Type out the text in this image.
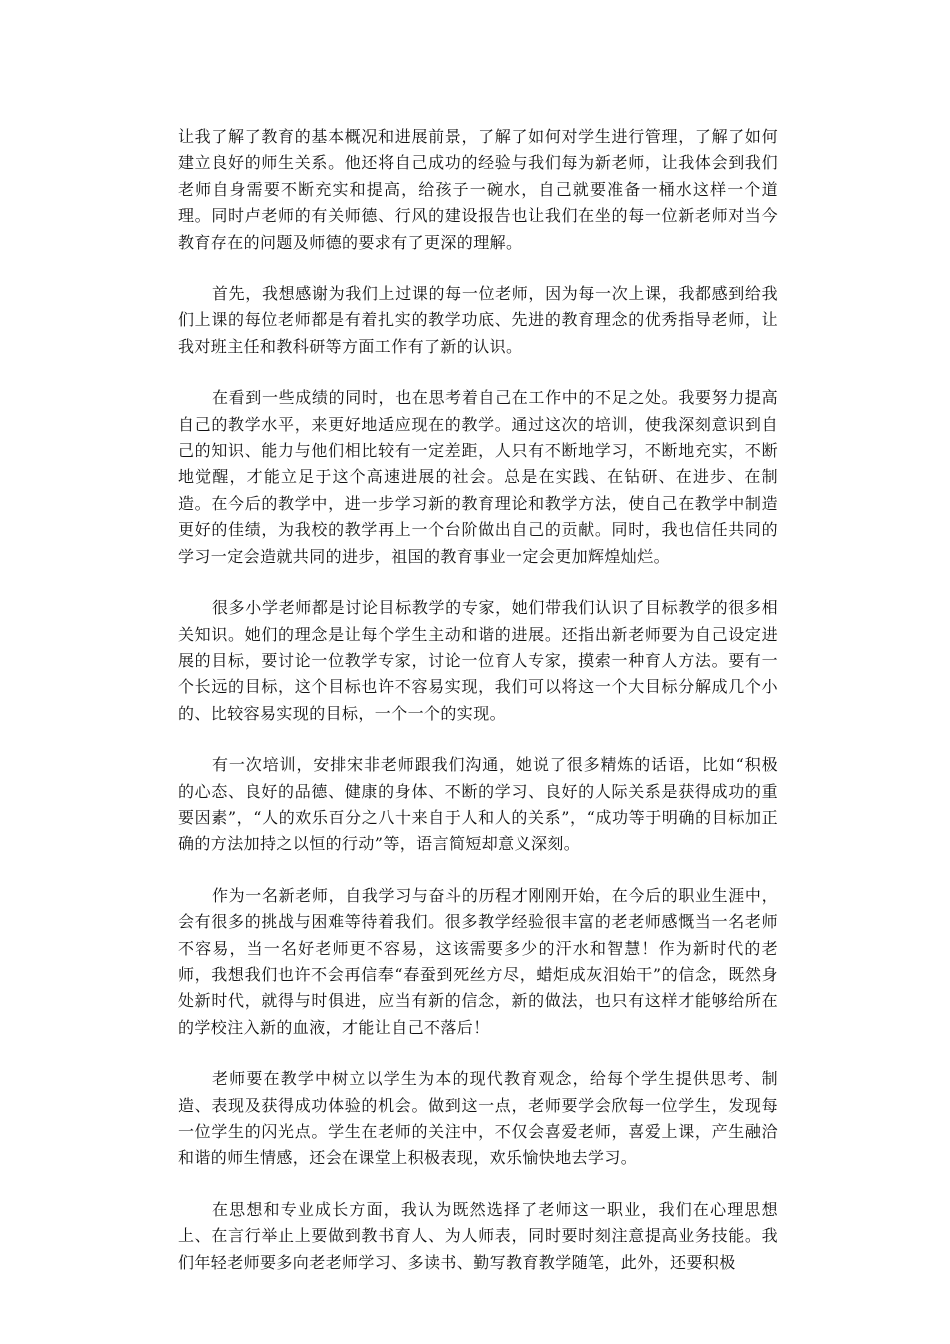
让我了解了教育的基本概况和进展前景，了解了如何对学生进行管理，了解了如何建立良好的师生关系。他还将自己成功的经验与我们每为新老师，让我体会到我们老师自身需要不断充实和提高，给孩子一碗水，自己就要准备一桶水这样一个道理。同时卢老师的有关师德、行风的建设报告也让我们在坐的每一位新老师对当今教育存在的问题及师德的要求有了更深的理解。

首先，我想感谢为我们上过课的每一位老师，因为每一次上课，我都感到给我们上课的每位老师都是有着扎实的教学功底、先进的教育理念的优秀指导老师，让我对班主任和教科研等方面工作有了新的认识。

在看到一些成绩的同时，也在思考着自己在工作中的不足之处。我要努力提高自己的教学水平，来更好地适应现在的教学。通过这次的培训，使我深刻意识到自己的知识、能力与他们相比较有一定差距，人只有不断地学习，不断地充实，不断地觉醒，才能立足于这个高速进展的社会。总是在实践、在钻研、在进步、在制造。在今后的教学中，进一步学习新的教育理论和教学方法，使自己在教学中制造更好的佳绩，为我校的教学再上一个台阶做出自己的贡献。同时，我也信任共同的学习一定会造就共同的进步，祖国的教育事业一定会更加辉煌灿烂。

很多小学老师都是讨论目标教学的专家，她们带我们认识了目标教学的很多相关知识。她们的理念是让每个学生主动和谐的进展。还指出新老师要为自己设定进展的目标，要讨论一位教学专家，讨论一位育人专家，摸索一种育人方法。要有一个长远的目标，这个目标也许不容易实现，我们可以将这一个大目标分解成几个小的、比较容易实现的目标，一个一个的实现。

有一次培训，安排宋非老师跟我们沟通，她说了很多精炼的话语，比如“积极的心态、良好的品德、健康的身体、不断的学习、良好的人际关系是获得成功的重要因素”，“人的欢乐百分之八十来自于人和人的关系”，“成功等于明确的目标加正确的方法加持之以恒的行动”等，语言简短却意义深刻。

作为一名新老师，自我学习与奋斗的历程才刚刚开始，在今后的职业生涯中，会有很多的挑战与困难等待着我们。很多教学经验很丰富的老老师感慨当一名老师不容易，当一名好老师更不容易，这该需要多少的汗水和智慧！作为新时代的老师，我想我们也许不会再信奉“春蚕到死丝方尽，蜡炬成灰泪始干”的信念，既然身处新时代，就得与时俱进，应当有新的信念，新的做法，也只有这样才能够给所在的学校注入新的血液，才能让自己不落后！

老师要在教学中树立以学生为本的现代教育观念，给每个学生提供思考、制造、表现及获得成功体验的机会。做到这一点，老师要学会欣每一位学生，发现每一位学生的闪光点。学生在老师的关注中，不仅会喜爱老师，喜爱上课，产生融洽和谐的师生情感，还会在课堂上积极表现，欢乐愉快地去学习。

在思想和专业成长方面，我认为既然选择了老师这一职业，我们在心理思想上、在言行举止上要做到教书育人、为人师表，同时要时刻注意提高业务技能。我们年轻老师要多向老老师学习、多读书、勤写教育教学随笔，此外，还要积极
